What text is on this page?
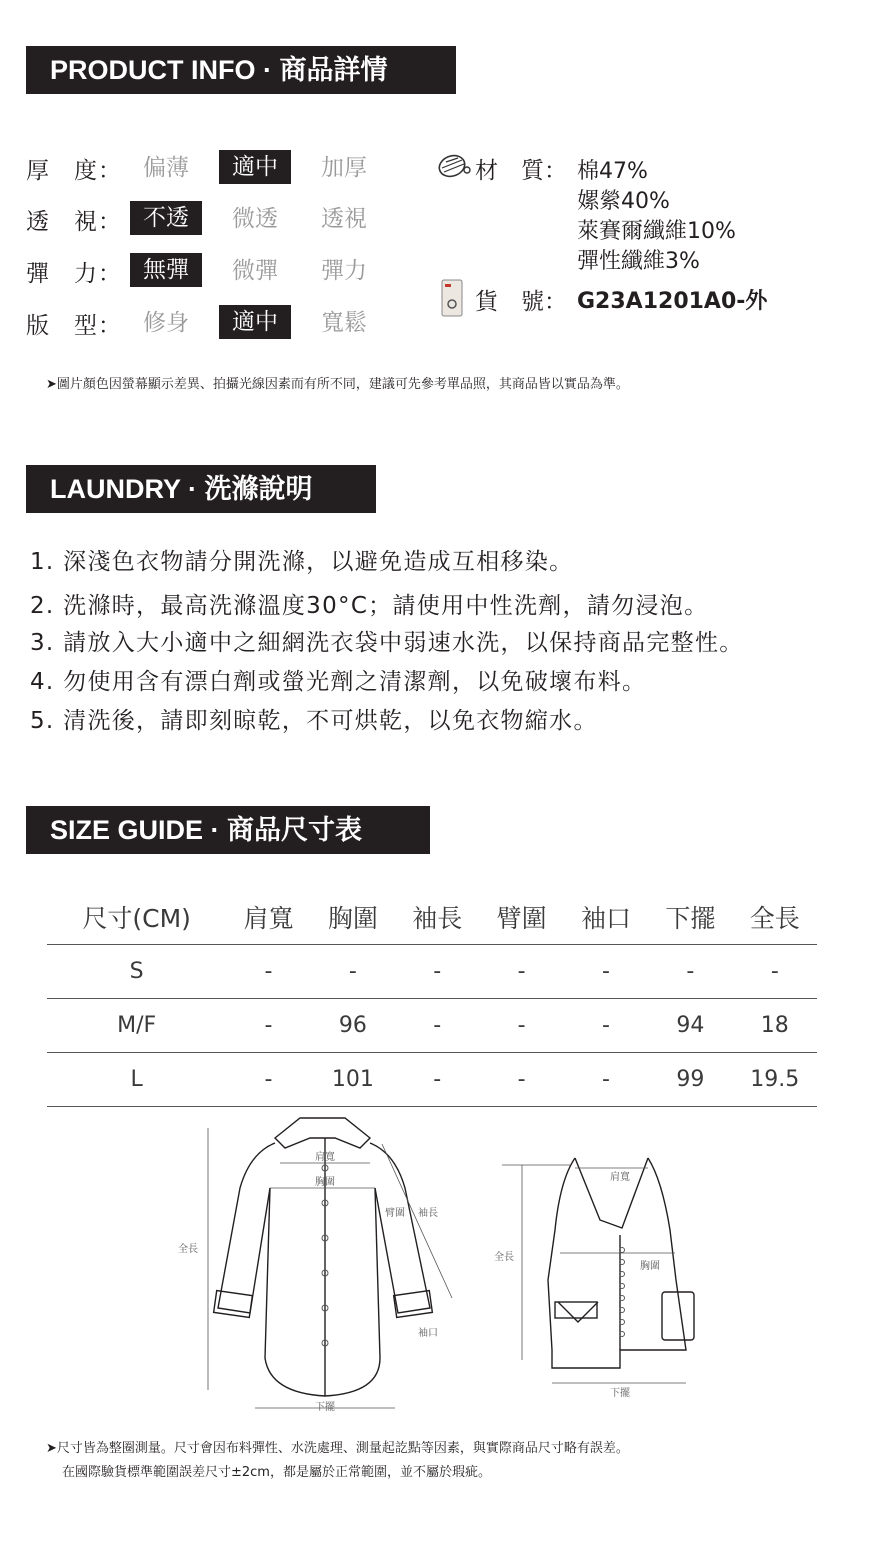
PRODUCT INFO · 商品詳情
厚　度： 偏薄	適中	加厚
透　視： 不透	微透	透視
彈　力： 無彈	微彈	彈力
版　型： 修身	適中	寬鬆
材　質： 棉47%
嫘縈40%
萊賽爾纖維10%
彈性纖維3%
貨　號： G23A1201A0-外
➤圖片顏色因螢幕顯示差異、拍攝光線因素而有所不同，建議可先參考單品照，其商品皆以實品為準。
LAUNDRY · 洗滌說明
1. 深淺色衣物請分開洗滌，以避免造成互相移染。
2. 洗滌時，最高洗滌溫度30°C；請使用中性洗劑，請勿浸泡。
3. 請放入大小適中之細網洗衣袋中弱速水洗，以保持商品完整性。
4. 勿使用含有漂白劑或螢光劑之清潔劑，以免破壞布料。
5. 清洗後，請即刻晾乾，不可烘乾，以免衣物縮水。
SIZE GUIDE · 商品尺寸表
尺寸(CM)	肩寬	胸圍	袖長	臂圍	袖口	下擺	全長
S	-	-	-	-	-	-	-
M/F	-	96	-	-	-	94	18
L	-	101	-	-	-	99	19.5
全長
肩寬
胸圍
臂圍 袖長
袖口
下擺
全長
肩寬
胸圍
下擺
➤尺寸皆為整圈測量。尺寸會因布料彈性、水洗處理、測量起訖點等因素，與實際商品尺寸略有誤差。
在國際驗貨標準範圍誤差尺寸±2cm，都是屬於正常範圍，並不屬於瑕疵。
